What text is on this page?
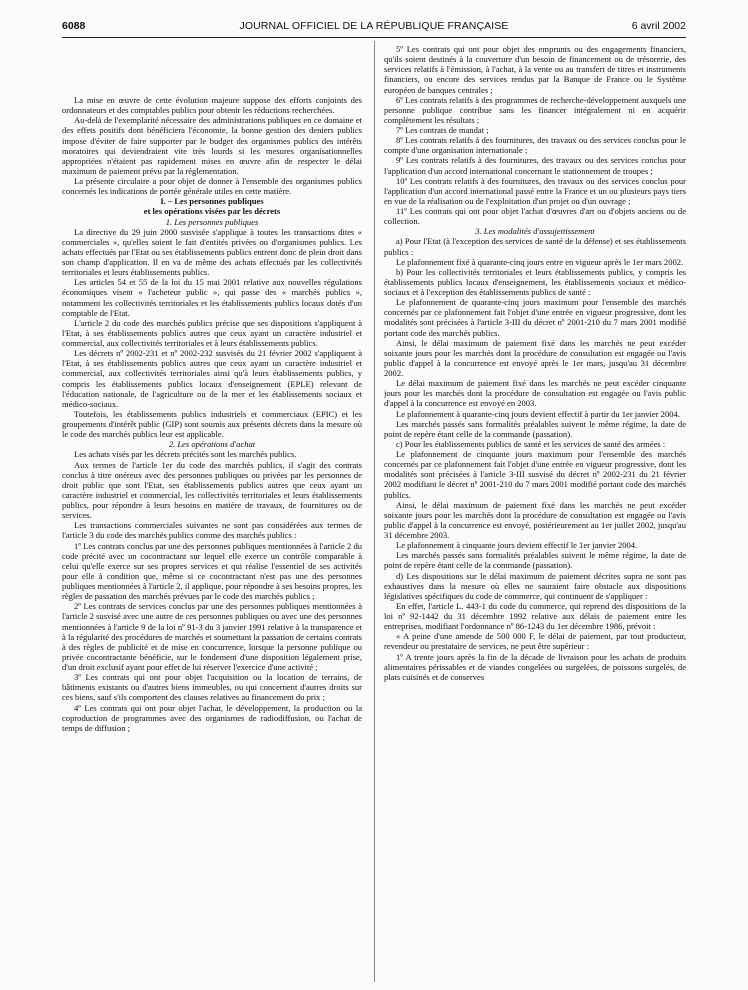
6088	JOURNAL OFFICIEL DE LA RÉPUBLIQUE FRANÇAISE	6 avril 2002

La mise en œuvre de cette évolution majeure suppose des efforts conjoints des ordonnateurs et des comptables publics pour obtenir les réductions recherchées.

Au-delà de l'exemplarité nécessaire des administrations publiques en ce domaine et des effets positifs dont bénéficiera l'économie, la bonne gestion des deniers publics impose d'éviter de faire supporter par le budget des organismes publics des intérêts moratoires qui deviendraient vite très lourds si les mesures organisationnelles appropriées n'étaient pas rapidement mises en œuvre afin de respecter le délai maximum de paiement prévu par la réglementation.

La présente circulaire a pour objet de donner à l'ensemble des organismes publics concernés les indications de portée générale utiles en cette matière.

I. – Les personnes publiques

et les opérations visées par les décrets

1. Les personnes publiques

La directive du 29 juin 2000 susvisée s'applique à toutes les transactions dites « commerciales », qu'elles soient le fait d'entités privées ou d'organismes publics. Les achats effectués par l'Etat ou ses établissements publics entrent donc de plein droit dans son champ d'application. Il en va de même des achats effectués par les collectivités territoriales et leurs établissements publics.

Les articles 54 et 55 de la loi du 15 mai 2001 relative aux nouvelles régulations économiques visent « l'acheteur public », qui passe des « marchés publics », notamment les collectivités territoriales et les établissements publics locaux dotés d'un comptable de l'Etat.

L'article 2 du code des marchés publics précise que ses dispositions s'appliquent à l'Etat, à ses établissements publics autres que ceux ayant un caractère industriel et commercial, aux collectivités territoriales et à leurs établissements publics.

Les décrets nº 2002-231 et nº 2002-232 susvisés du 21 février 2002 s'appliquent à l'Etat, à ses établissements publics autres que ceux ayant un caractère industriel et commercial, aux collectivités territoriales ainsi qu'à leurs établissements publics, y compris les établissements publics locaux d'enseignement (EPLE) relevant de l'éducation nationale, de l'agriculture ou de la mer et les établissements sociaux et médico-sociaux.

Toutefois, les établissements publics industriels et commerciaux (EPIC) et les groupements d'intérêt public (GIP) sont soumis aux présents décrets dans la mesure où le code des marchés publics leur est applicable.

2. Les opérations d'achat

Les achats visés par les décrets précités sont les marchés publics.

Aux termes de l'article 1er du code des marchés publics, il s'agit des contrats conclus à titre onéreux avec des personnes publiques ou privées par les personnes de droit public que sont l'Etat, ses établissements publics autres que ceux ayant un caractère industriel et commercial, les collectivités territoriales et leurs établissements publics, pour répondre à leurs besoins en matière de travaux, de fournitures ou de services.

Les transactions commerciales suivantes ne sont pas considérées aux termes de l'article 3 du code des marchés publics comme des marchés publics :

1º Les contrats conclus par une des personnes publiques mentionnées à l'article 2 du code précité avec un cocontractant sur lequel elle exerce un contrôle comparable à celui qu'elle exerce sur ses propres services et qui réalise l'essentiel de ses activités pour elle à condition que, même si ce cocontractant n'est pas une des personnes publiques mentionnées à l'article 2, il applique, pour répondre à ses besoins propres, les règles de passation des marchés prévues par le code des marchés publics ;

2º Les contrats de services conclus par une des personnes publiques mentionnées à l'article 2 susvisé avec une autre de ces personnes publiques ou avec une des personnes mentionnées à l'article 9 de la loi nº 91-3 du 3 janvier 1991 relative à la transparence et à la régularité des procédures de marchés et soumettant la passation de certains contrats à des règles de publicité et de mise en concurrence, lorsque la personne publique ou privée cocontractante bénéficie, sur le fondement d'une disposition légalement prise, d'un droit exclusif ayant pour effet de lui réserver l'exercice d'une activité ;

3º Les contrats qui ont pour objet l'acquisition ou la location de terrains, de bâtiments existants ou d'autres biens immeubles, ou qui concernent d'autres droits sur ces biens, sauf s'ils comportent des clauses relatives au financement du prix ;

4º Les contrats qui ont pour objet l'achat, le développement, la production ou la coproduction de programmes avec des organismes de radiodiffusion, ou l'achat de temps de diffusion ;

5º Les contrats qui ont pour objet des emprunts ou des engagements financiers, qu'ils soient destinés à la couverture d'un besoin de financement ou de trésorerie, des services relatifs à l'émission, à l'achat, à la vente ou au transfert de titres et instruments financiers, ou encore des services rendus par la Banque de France ou le Système européen de banques centrales ;

6º Les contrats relatifs à des programmes de recherche-développement auxquels une personne publique contribue sans les financer intégralement ni en acquérir complètement les résultats ;

7º Les contrats de mandat ;

8º Les contrats relatifs à des fournitures, des travaux ou des services conclus pour le compte d'une organisation internationale ;

9º Les contrats relatifs à des fournitures, des travaux ou des services conclus pour l'application d'un accord international concernant le stationnement de troupes ;

10º Les contrats relatifs à des fournitures, des travaux ou des services conclus pour l'application d'un accord international passé entre la France et un ou plusieurs pays tiers en vue de la réalisation ou de l'exploitation d'un projet ou d'un ouvrage ;

11º Les contrats qui ont pour objet l'achat d'œuvres d'art ou d'objets anciens ou de collection.

3. Les modalités d'assujettissement

a) Pour l'Etat (à l'exception des services de santé de la défense) et ses établissements publics :

Le plafonnement fixé à quarante-cinq jours entre en vigueur après le 1er mars 2002.

b) Pour les collectivités territoriales et leurs établissements publics, y compris les établissements publics locaux d'enseignement, les établissements sociaux et médico-sociaux et à l'exception des établissements publics de santé :

Le plafonnement de quarante-cinq jours maximum pour l'ensemble des marchés concernés par ce plafonnement fait l'objet d'une entrée en vigueur progressive, dont les modalités sont précisées à l'article 3-III du décret nº 2001-210 du 7 mars 2001 modifié portant code des marchés publics.

Ainsi, le délai maximum de paiement fixé dans les marchés ne peut excéder soixante jours pour les marchés dont la procédure de consultation est engagée ou l'avis public d'appel à la concurrence est envoyé après le 1er mars, jusqu'au 31 décembre 2002.

Le délai maximum de paiement fixé dans les marchés ne peut excéder cinquante jours pour les marchés dont la procédure de consultation est engagée ou l'avis public d'appel à la concurrence est envoyé en 2003.

Le plafonnement à quarante-cinq jours devient effectif à partir du 1er janvier 2004.

Les marchés passés sans formalités préalables suivent le même régime, la date de point de repère étant celle de la commande (passation).

c) Pour les établissements publics de santé et les services de santé des armées :

Le plafonnement de cinquante jours maximum pour l'ensemble des marchés concernés par ce plafonnement fait l'objet d'une entrée en vigueur progressive, dont les modalités sont précisées à l'article 3-III susvisé du décret nº 2002-231 du 21 février 2002 modifiant le décret nº 2001-210 du 7 mars 2001 modifié portant code des marchés publics.

Ainsi, le délai maximum de paiement fixé dans les marchés ne peut excéder soixante jours pour les marchés dont la procédure de consultation est engagée ou l'avis public d'appel à la concurrence est envoyé, postérieurement au 1er juillet 2002, jusqu'au 31 décembre 2003.

Le plafonnement à cinquante jours devient effectif le 1er janvier 2004.

Les marchés passés sans formalités préalables suivent le même régime, la date de point de repère étant celle de la commande (passation).

d) Les dispositions sur le délai maximum de paiement décrites supra ne sont pas exhaustives dans la mesure où elles ne sauraient faire obstacle aux dispositions législatives spécifiques du code de commerce, qui continuent de s'appliquer :

En effet, l'article L. 443-1 du code du commerce, qui reprend des dispositions de la loi nº 92-1442 du 31 décembre 1992 relative aux délais de paiement entre les entreprises, modifiant l'ordonnance nº 86-1243 du 1er décembre 1986, prévoit :

« A peine d'une amende de 500 000 F, le délai de paiement, par tout producteur, revendeur ou prestataire de services, ne peut être supérieur :

1º A trente jours après la fin de la décade de livraison pour les achats de produits alimentaires périssables et de viandes congelées ou surgelées, de poissons surgelés, de plats cuisinés et de conserves
